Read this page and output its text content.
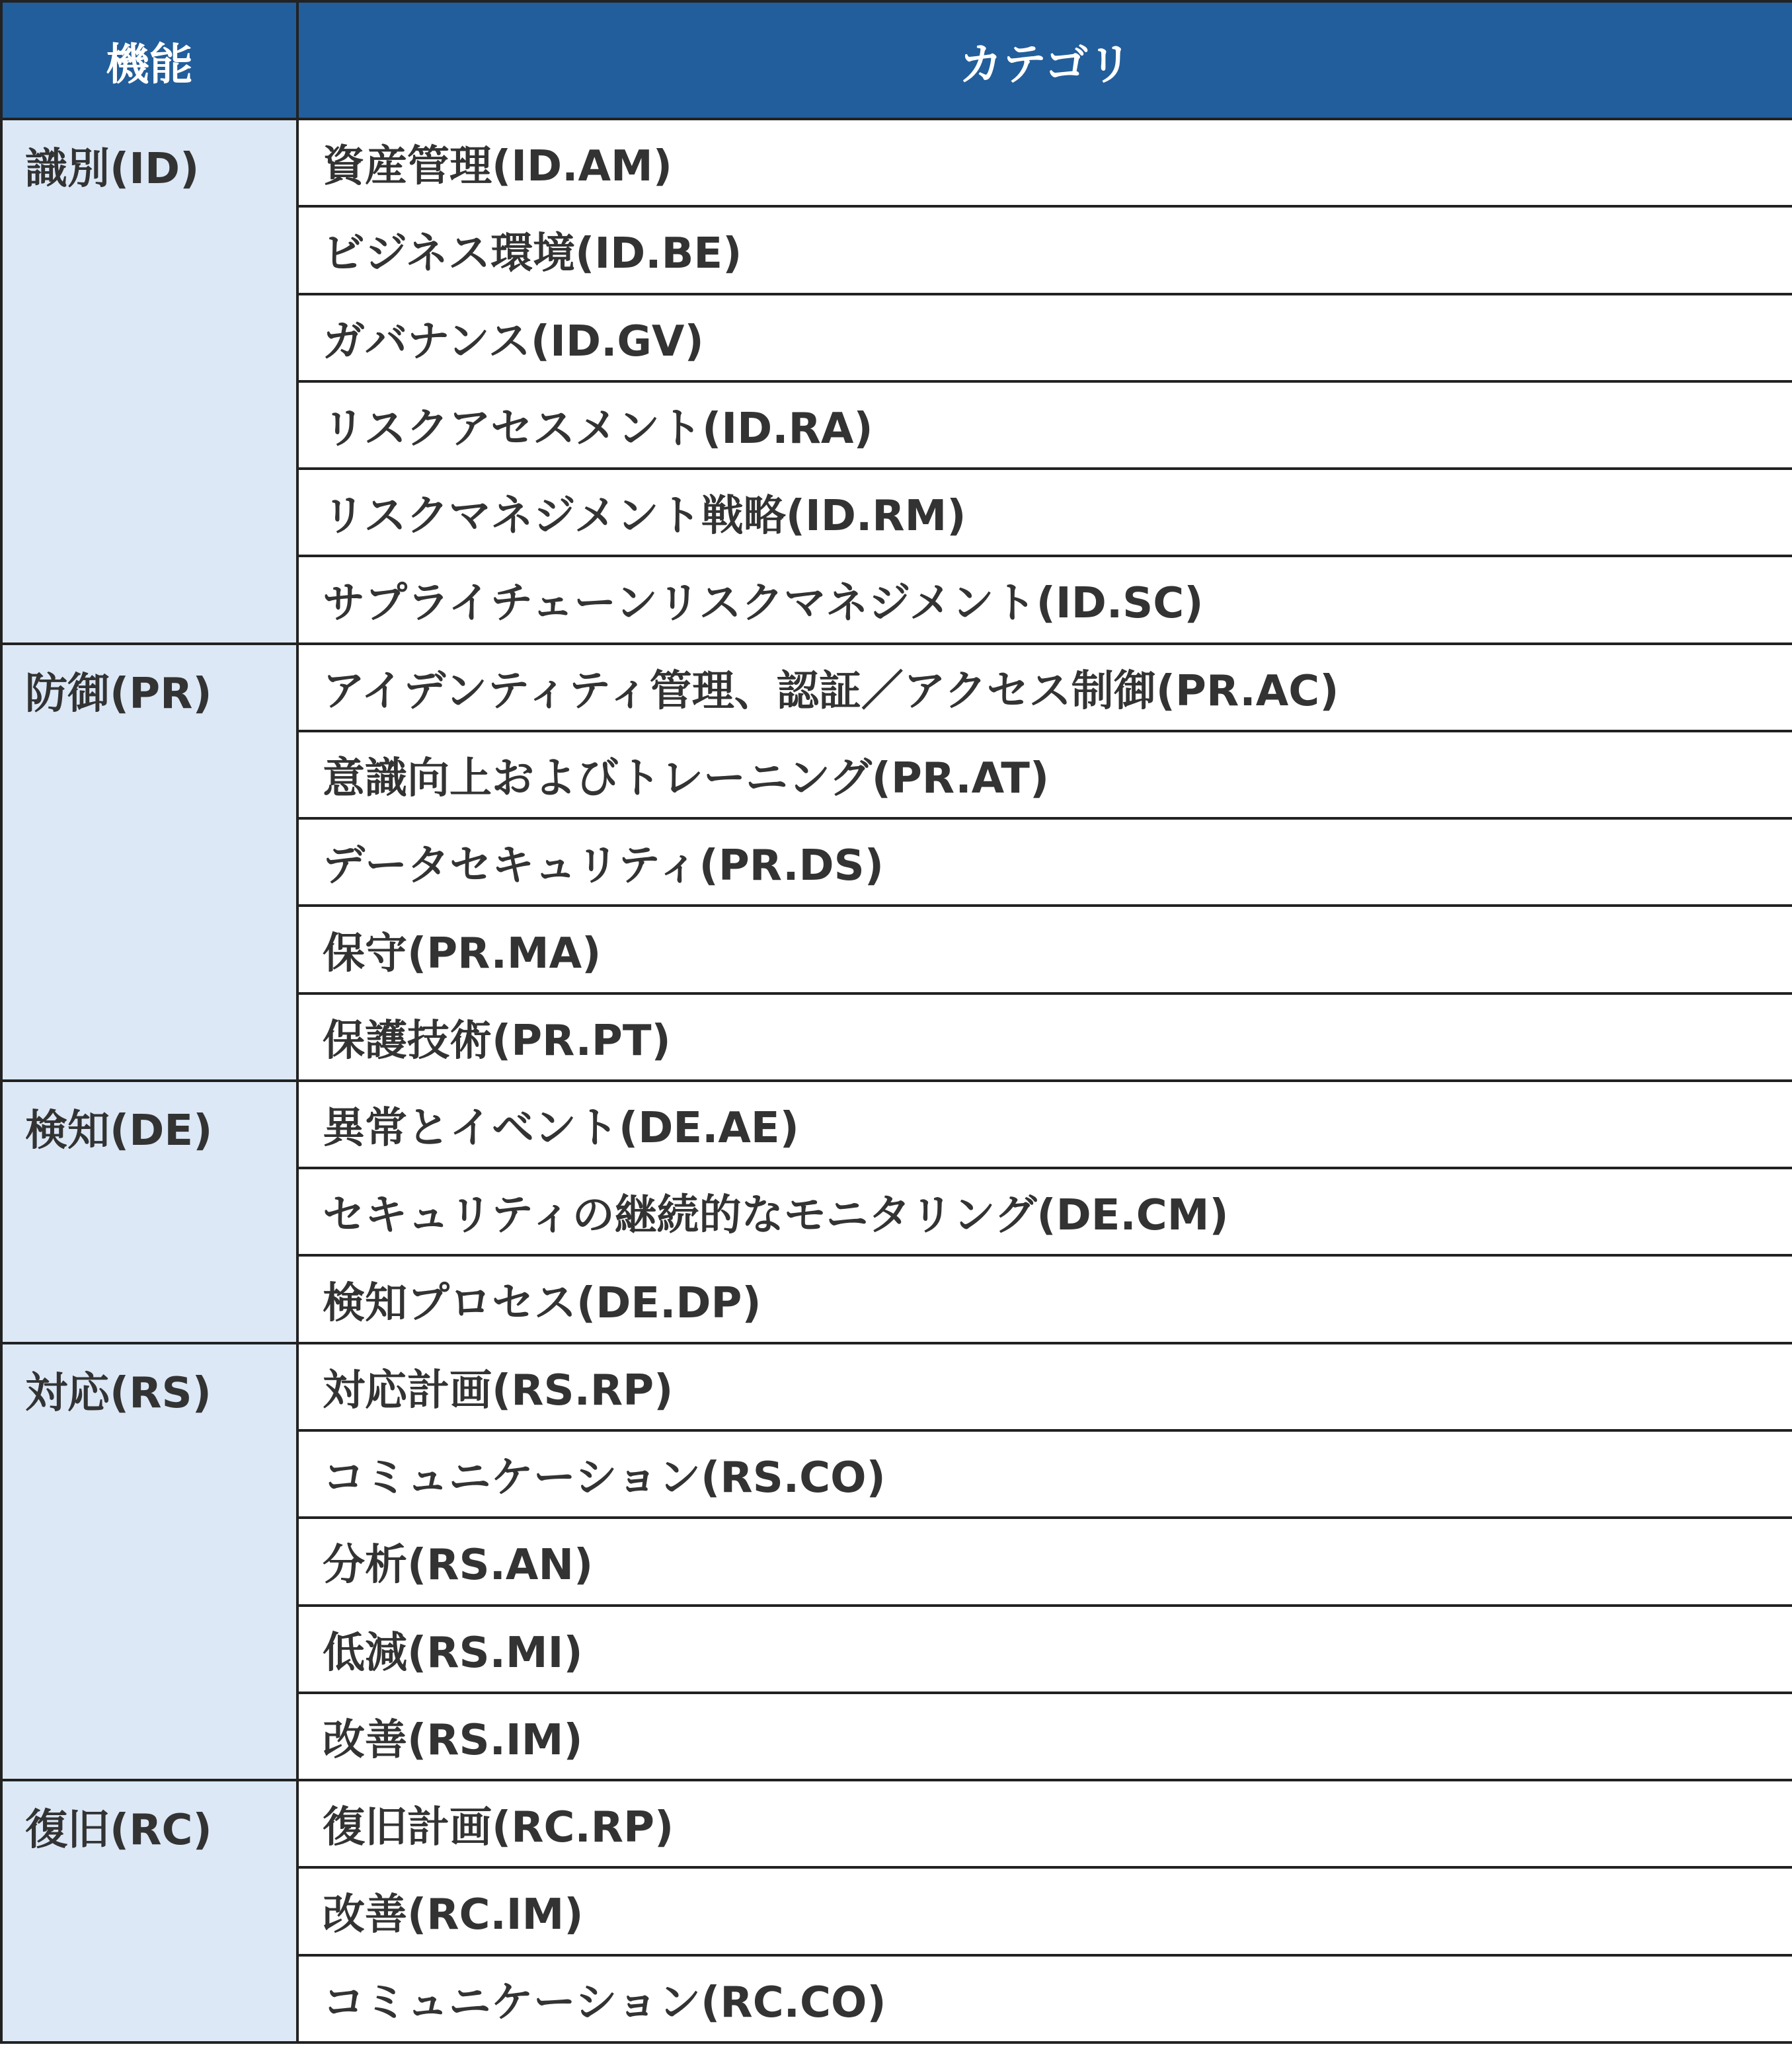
機能	カテゴリ
識別(ID)	資産管理(ID.AM)
	ビジネス環境(ID.BE)
	ガバナンス(ID.GV)
	リスクアセスメント(ID.RA)
	リスクマネジメント戦略(ID.RM)
	サプライチェーンリスクマネジメント(ID.SC)
防御(PR)	アイデンティティ管理、認証／アクセス制御(PR.AC)
	意識向上およびトレーニング(PR.AT)
	データセキュリティ(PR.DS)
	保守(PR.MA)
	保護技術(PR.PT)
検知(DE)	異常とイベント(DE.AE)
	セキュリティの継続的なモニタリング(DE.CM)
	検知プロセス(DE.DP)
対応(RS)	対応計画(RS.RP)
	コミュニケーション(RS.CO)
	分析(RS.AN)
	低減(RS.MI)
	改善(RS.IM)
復旧(RC)	復旧計画(RC.RP)
	改善(RC.IM)
	コミュニケーション(RC.CO)
